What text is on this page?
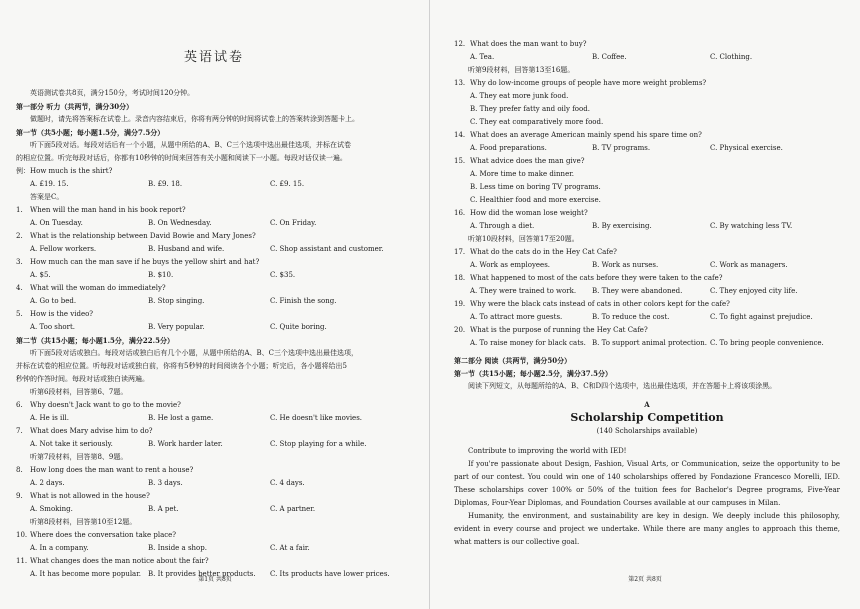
英语试卷
英语测试卷共8页，满分150分，考试时间120分钟。
第一部分 听力（共两节，满分30分）
做题时，请先将答案标在试卷上。录音内容结束后，你将有两分钟的时间将试卷上的答案转涂到答题卡上。
第一节（共5小题；每小题1.5分，满分7.5分）
听下面5段对话。每段对话后有一个小题，从题中所给的A、B、C三个选项中选出最佳选项，并标在试卷
的相应位置。听完每段对话后，你都有10秒钟的时间来回答有关小题和阅读下一小题。每段对话仅读一遍。
例：How much is the shirt?
A. £19. 15.	B. £9. 18.	C. £9. 15.
答案是C。
1. When will the man hand in his book report?
A. On Tuesday.	B. On Wednesday.	C. On Friday.
2. What is the relationship between David Bowie and Mary Jones?
A. Fellow workers.	B. Husband and wife.	C. Shop assistant and customer.
3. How much can the man save if he buys the yellow shirt and hat?
A. $5.	B. $10.	C. $35.
4. What will the woman do immediately?
A. Go to bed.	B. Stop singing.	C. Finish the song.
5. How is the video?
A. Too short.	B. Very popular.	C. Quite boring.
第二节（共15小题；每小题1.5分，满分22.5分）
听下面5段对话或独白。每段对话或独白后有几个小题，从题中所给的A、B、C三个选项中选出最佳选项，
并标在试卷的相应位置。听每段对话或独白前，你将有5秒钟的时间阅读各个小题；听完后，各小题将给出5
秒钟的作答时间。每段对话或独白读两遍。
听第6段材料，回答第6、7题。
6. Why doesn't Jack want to go to the movie?
A. He is ill.	B. He lost a game.	C. He doesn't like movies.
7. What does Mary advise him to do?
A. Not take it seriously.	B. Work harder later.	C. Stop playing for a while.
听第7段材料，回答第8、9题。
8. How long does the man want to rent a house?
A. 2 days.	B. 3 days.	C. 4 days.
9. What is not allowed in the house?
A. Smoking.	B. A pet.	C. A partner.
听第8段材料，回答第10至12题。
10. Where does the conversation take place?
A. In a company.	B. Inside a shop.	C. At a fair.
11. What changes does the man notice about the fair?
A. It has become more popular. B. It provides better products.	C. Its products have lower prices.
第1页 共8页
12. What does the man want to buy?
A. Tea.	B. Coffee.	C. Clothing.
听第9段材料，回答第13至16题。
13. Why do low-income groups of people have more weight problems?
A. They eat more junk food.
B. They prefer fatty and oily food.
C. They eat comparatively more food.
14. What does an average American mainly spend his spare time on?
A. Food preparations.	B. TV programs.	C. Physical exercise.
15. What advice does the man give?
A. More time to make dinner.
B. Less time on boring TV programs.
C. Healthier food and more exercise.
16. How did the woman lose weight?
A. Through a diet.	B. By exercising.	C. By watching less TV.
听第10段材料，回答第17至20题。
17. What do the cats do in the Hey Cat Cafe?
A. Work as employees.	B. Work as nurses.	C. Work as managers.
18. What happened to most of the cats before they were taken to the cafe?
A. They were trained to work.	B. They were abandoned.	C. They enjoyed city life.
19. Why were the black cats instead of cats in other colors kept for the cafe?
A. To attract more guests.	B. To reduce the cost.	C. To fight against prejudice.
20. What is the purpose of running the Hey Cat Cafe?
A. To raise money for black cats. B. To support animal protection. C. To bring people convenience.
第二部分 阅读（共两节，满分50分）
第一节（共15小题；每小题2.5分，满分37.5分）
阅读下列短文，从每题所给的A、B、C和D四个选项中，选出最佳选项，并在答题卡上将该项涂黑。
A
Scholarship Competition
(140 Scholarships available)
Contribute to improving the world with IED!
If you're passionate about Design, Fashion, Visual Arts, or Communication, seize the opportunity to be part of our contest. You could win one of 140 scholarships offered by Fondazione Francesco Morelli, IED. These scholarships cover 100% or 50% of the tuition fees for Bachelor's Degree programs, Five-Year Diplomas, Four-Year Diplomas, and Foundation Courses available at our campuses in Milan.
Humanity, the environment, and sustainability are key in design. We deeply include this philosophy, evident in every course and project we undertake. While there are many angles to approach this theme, what matters is our collective goal.
第2页 共8页
